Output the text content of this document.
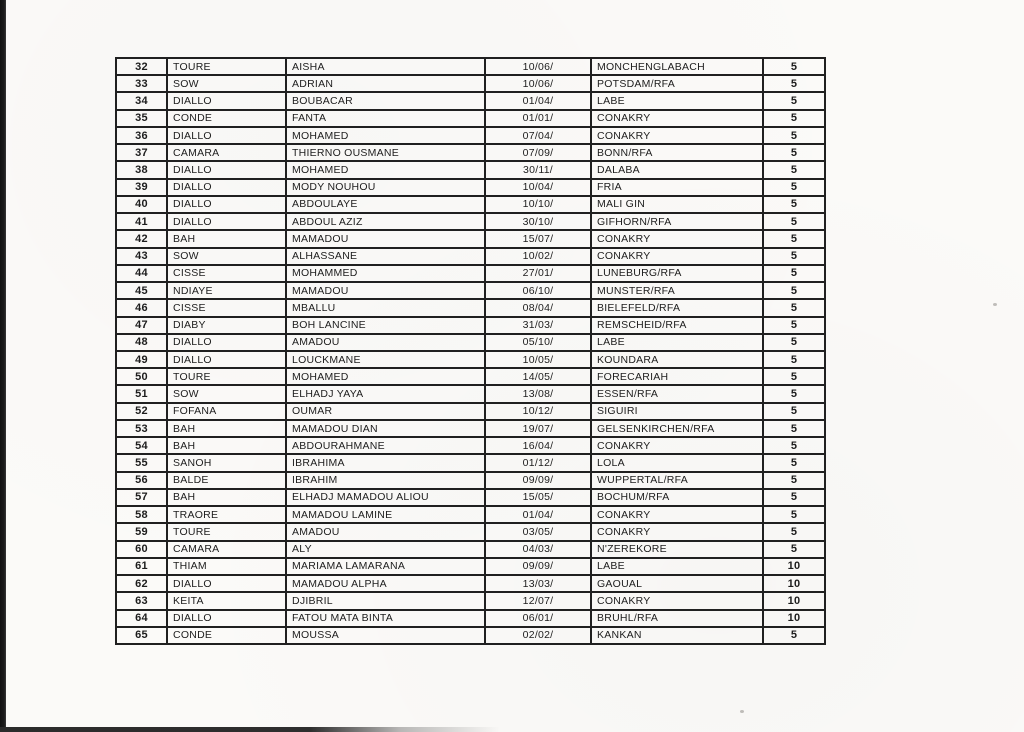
32	TOURE	AISHA	10/06/	MONCHENGLABACH	5
33	SOW	ADRIAN	10/06/	POTSDAM/RFA	5
34	DIALLO	BOUBACAR	01/04/	LABE	5
35	CONDE	FANTA	01/01/	CONAKRY	5
36	DIALLO	MOHAMED	07/04/	CONAKRY	5
37	CAMARA	THIERNO OUSMANE	07/09/	BONN/RFA	5
38	DIALLO	MOHAMED	30/11/	DALABA	5
39	DIALLO	MODY NOUHOU	10/04/	FRIA	5
40	DIALLO	ABDOULAYE	10/10/	MALI GIN	5
41	DIALLO	ABDOUL AZIZ	30/10/	GIFHORN/RFA	5
42	BAH	MAMADOU	15/07/	CONAKRY	5
43	SOW	ALHASSANE	10/02/	CONAKRY	5
44	CISSE	MOHAMMED	27/01/	LUNEBURG/RFA	5
45	NDIAYE	MAMADOU	06/10/	MUNSTER/RFA	5
46	CISSE	MBALLU	08/04/	BIELEFELD/RFA	5
47	DIABY	BOH LANCINE	31/03/	REMSCHEID/RFA	5
48	DIALLO	AMADOU	05/10/	LABE	5
49	DIALLO	LOUCKMANE	10/05/	KOUNDARA	5
50	TOURE	MOHAMED	14/05/	FORECARIAH	5
51	SOW	ELHADJ YAYA	13/08/	ESSEN/RFA	5
52	FOFANA	OUMAR	10/12/	SIGUIRI	5
53	BAH	MAMADOU DIAN	19/07/	GELSENKIRCHEN/RFA	5
54	BAH	ABDOURAHMANE	16/04/	CONAKRY	5
55	SANOH	IBRAHIMA	01/12/	LOLA	5
56	BALDE	IBRAHIM	09/09/	WUPPERTAL/RFA	5
57	BAH	ELHADJ MAMADOU ALIOU	15/05/	BOCHUM/RFA	5
58	TRAORE	MAMADOU LAMINE	01/04/	CONAKRY	5
59	TOURE	AMADOU	03/05/	CONAKRY	5
60	CAMARA	ALY	04/03/	N'ZEREKORE	5
61	THIAM	MARIAMA LAMARANA	09/09/	LABE	10
62	DIALLO	MAMADOU ALPHA	13/03/	GAOUAL	10
63	KEITA	DJIBRIL	12/07/	CONAKRY	10
64	DIALLO	FATOU MATA BINTA	06/01/	BRUHL/RFA	10
65	CONDE	MOUSSA	02/02/	KANKAN	5
